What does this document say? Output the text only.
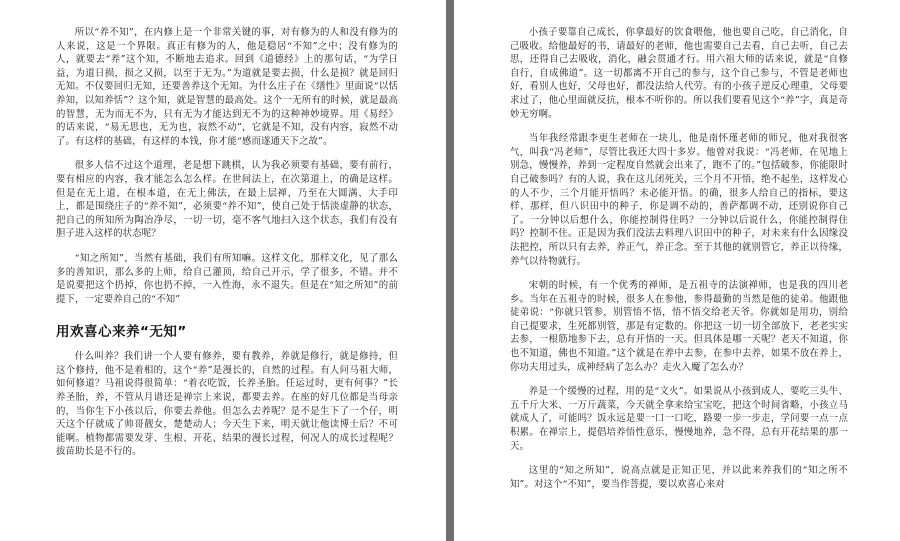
所以“养不知”，在内修上是一个非常关键的事，对有修为的人和没有修为的人来说，这是一个界限。真正有修为的人，他是稳居“不知”之中；没有修为的人，就要去“养”这个知，不断地去追求。回到《道德经》上的那句话，“为学日益，为道日损，损之又损，以至于无为。”为道就是要去损，什么是损？就是回归无知。不仅要回归无知，还要善养这个无知。为什么庄子在《缮性》里面说“以恬养知，以知养恬”？这个知，就是智慧的最高处。这个一无所有的时候，就是最高的智慧，无为而无不为，只有无为才能达到无不为的这种神妙境界。用《易经》的话来说，“易无思也，无为也，寂然不动”，它就是不知，没有内容，寂然不动了。有这样的基础，有这样的本钱，你才能“感而遂通天下之故”。

很多人信不过这个道理，老是想下跳棋，认为我必须要有基础，要有前行，要有相应的内容，我才能怎么怎么样。在世间法上，在次第道上，的确是这样。但是在无上道，在根本道，在无上佛法，在最上层禅，乃至在大圆满、大手印上，都是围绕庄子的“养不知”，必须要“养不知”，使自己处于恬淡虚静的状态，把自己的所知所为陶冶净尽，一切一切，毫不客气地扫入这个状态，我们有没有胆子进入这样的状态呢？

“知之所知”，当然有基础，我们有所知嘛。这样文化，那样文化，见了那么多的善知识，那么多的上师，给自己灌顶，给自己开示，学了很多，不错。并不是说要把这个扔掉，你也扔不掉，一入性海，永不退失。但是在“知之所知”的前提下，一定要养自己的“不知”

用欢喜心来养“无知”

什么叫养？我们讲一个人要有修养，要有教养，养就是修行，就是修持，但这个修持，他不是着相的，这个“养”是漫长的，自然的过程。有人问马祖大师，如何修道？马祖说得很简单：“着衣吃饭，长养圣胎。任运过时，更有何事？”长养圣胎，养，不管从月谱还是禅宗上来说，都要去养。在座的好几位都是当母亲的，当你生下小孩以后，你要去养他。但怎么去养呢？是不是生下了一个仔，明天这个仔就成了帅哥靓女，楚楚动人；今天生下来，明天就让他读博士后？不可能啊。植物都需要发芽、生根、开花、结果的漫长过程，何况人的成长过程呢？拔苗助长是不行的。

小孩子要靠自己成长，你拿最好的饮食喂他，他也要自己吃，自己消化，自己吸收。给他最好的书，请最好的老师，他也需要自己去看，自己去听，自己去思，还得自己去吸收，消化，融会贯通才行。用六祖大师的话来说，就是“自修自行，自成佛道”。这一切都离不开自己的参与，这个自己参与，不管是老师也好，看别人也好，父母也好，都没法给人代劳。有的小孩子逆反心理重，父母要求过了，他心里面就反抗，根本不听你的。所以我们要看见这个“养”字，真是奇妙无穷啊。

当年我经常跟李更生老师在一块儿，他是南怀瑾老师的师兄，他对我很客气，叫我“冯老师”，尽管比我还大四十多岁。他曾对我说：“冯老师，在见地上别急，慢慢养，养到一定程度自然就会出来了，跑不了的。”包括破参，你能限时自己破参吗？有的人说，我在这儿闭死关，三个月不开悟，绝不起坐，这样发心的人不少，三个月能开悟吗？未必能开悟。的确，很多人给自己的指标，要这样、那样，但八识田中的种子，你是调不动的，善萨都调不动，还别说你自己了。一分钟以后想什么，你能控制得住吗？一分钟以后说什么，你能控制得住吗？控制不住。正是因为我们没法去料理八识田中的种子，对未来有什么因缘没法把控，所以只有去养，养正气，养正念。至于其他的就别管它，养正以待缘，养气以待物就行。

宋朝的时候，有一个优秀的禅师，是五祖寺的法演禅师，也是我的四川老乡。当年在五祖寺的时候，很多人在参他，参得最勤的当然是他的徒弟。他跟他徒弟说：“你就只管参，别管悟不悟，悟不悟交给老天爷。你就如是用功，别给自己提要求，生死都别管，那是有定数的。你把这一切一切全部放下，老老实实去参，一根筋地参下去，总有开悟的一天。但具体是哪一天呢？老天不知道，你也不知道，佛也不知道。”这个就是在养中去参，在参中去养，如果不放在养上，你功夫用过头，成神经病了怎么办？走火入魔了怎么办？

养是一个缓慢的过程，用的是“文火”。如果说从小孩到成人，要吃三头牛、五千斤大米、一万斤蔬菜，今天就全拿来给宝宝吃，把这个时间省略，小孩立马就成人了，可能吗？饭永远是要一口一口吃，路要一步一步走，学问要一点一点积累。在禅宗上，提倡培养悟性意乐，慢慢地养，急不得，总有开花结果的那一天。

这里的“知之所知”，说高点就是正知正见，并以此来养我们的“知之所不知”。对这个“不知”，要当作菩提，要以欢喜心来对
